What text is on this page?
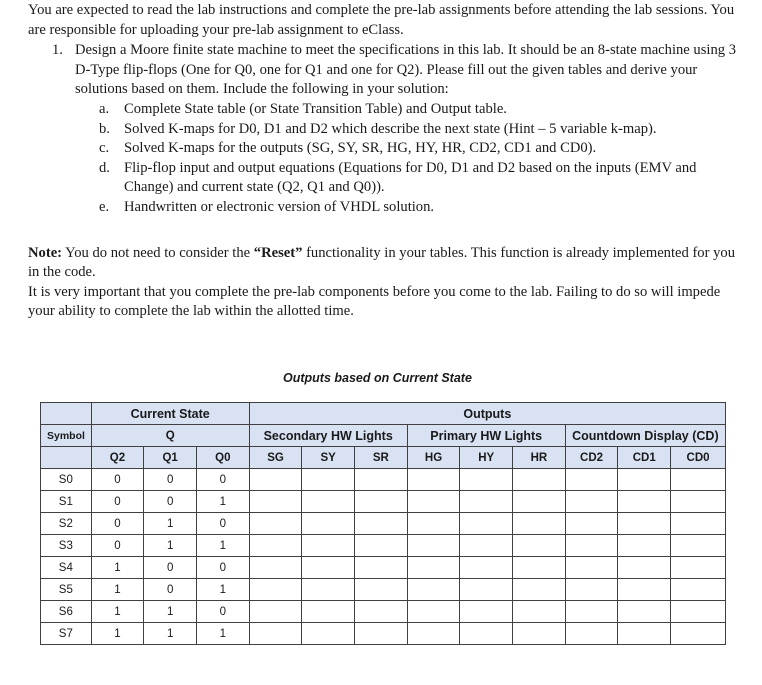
You are expected to read the lab instructions and complete the pre-lab assignments before attending the lab sessions. You are responsible for uploading your pre-lab assignment to eClass.

1. Design a Moore finite state machine to meet the specifications in this lab. It should be an 8-state machine using 3 D-Type flip-flops (One for Q0, one for Q1 and one for Q2). Please fill out the given tables and derive your solutions based on them. Include the following in your solution:
a. Complete State table (or State Transition Table) and Output table.
b. Solved K-maps for D0, D1 and D2 which describe the next state (Hint – 5 variable k-map).
c. Solved K-maps for the outputs (SG, SY, SR, HG, HY, HR, CD2, CD1 and CD0).
d. Flip-flop input and output equations (Equations for D0, D1 and D2 based on the inputs (EMV and Change) and current state (Q2, Q1 and Q0)).
e. Handwritten or electronic version of VHDL solution.

Note: You do not need to consider the “Reset” functionality in your tables. This function is already implemented for you in the code.

It is very important that you complete the pre-lab components before you come to the lab. Failing to do so will impede your ability to complete the lab within the allotted time.

Outputs based on Current State
	Current State			Outputs								
Symbol	Q			Secondary HW Lights			Primary HW Lights			Countdown Display (CD)		
	Q2	Q1	Q0	SG	SY	SR	HG	HY	HR	CD2	CD1	CD0
S0	0	0	0									
S1	0	0	1									
S2	0	1	0									
S3	0	1	1									
S4	1	0	0									
S5	1	0	1									
S6	1	1	0									
S7	1	1	1									
